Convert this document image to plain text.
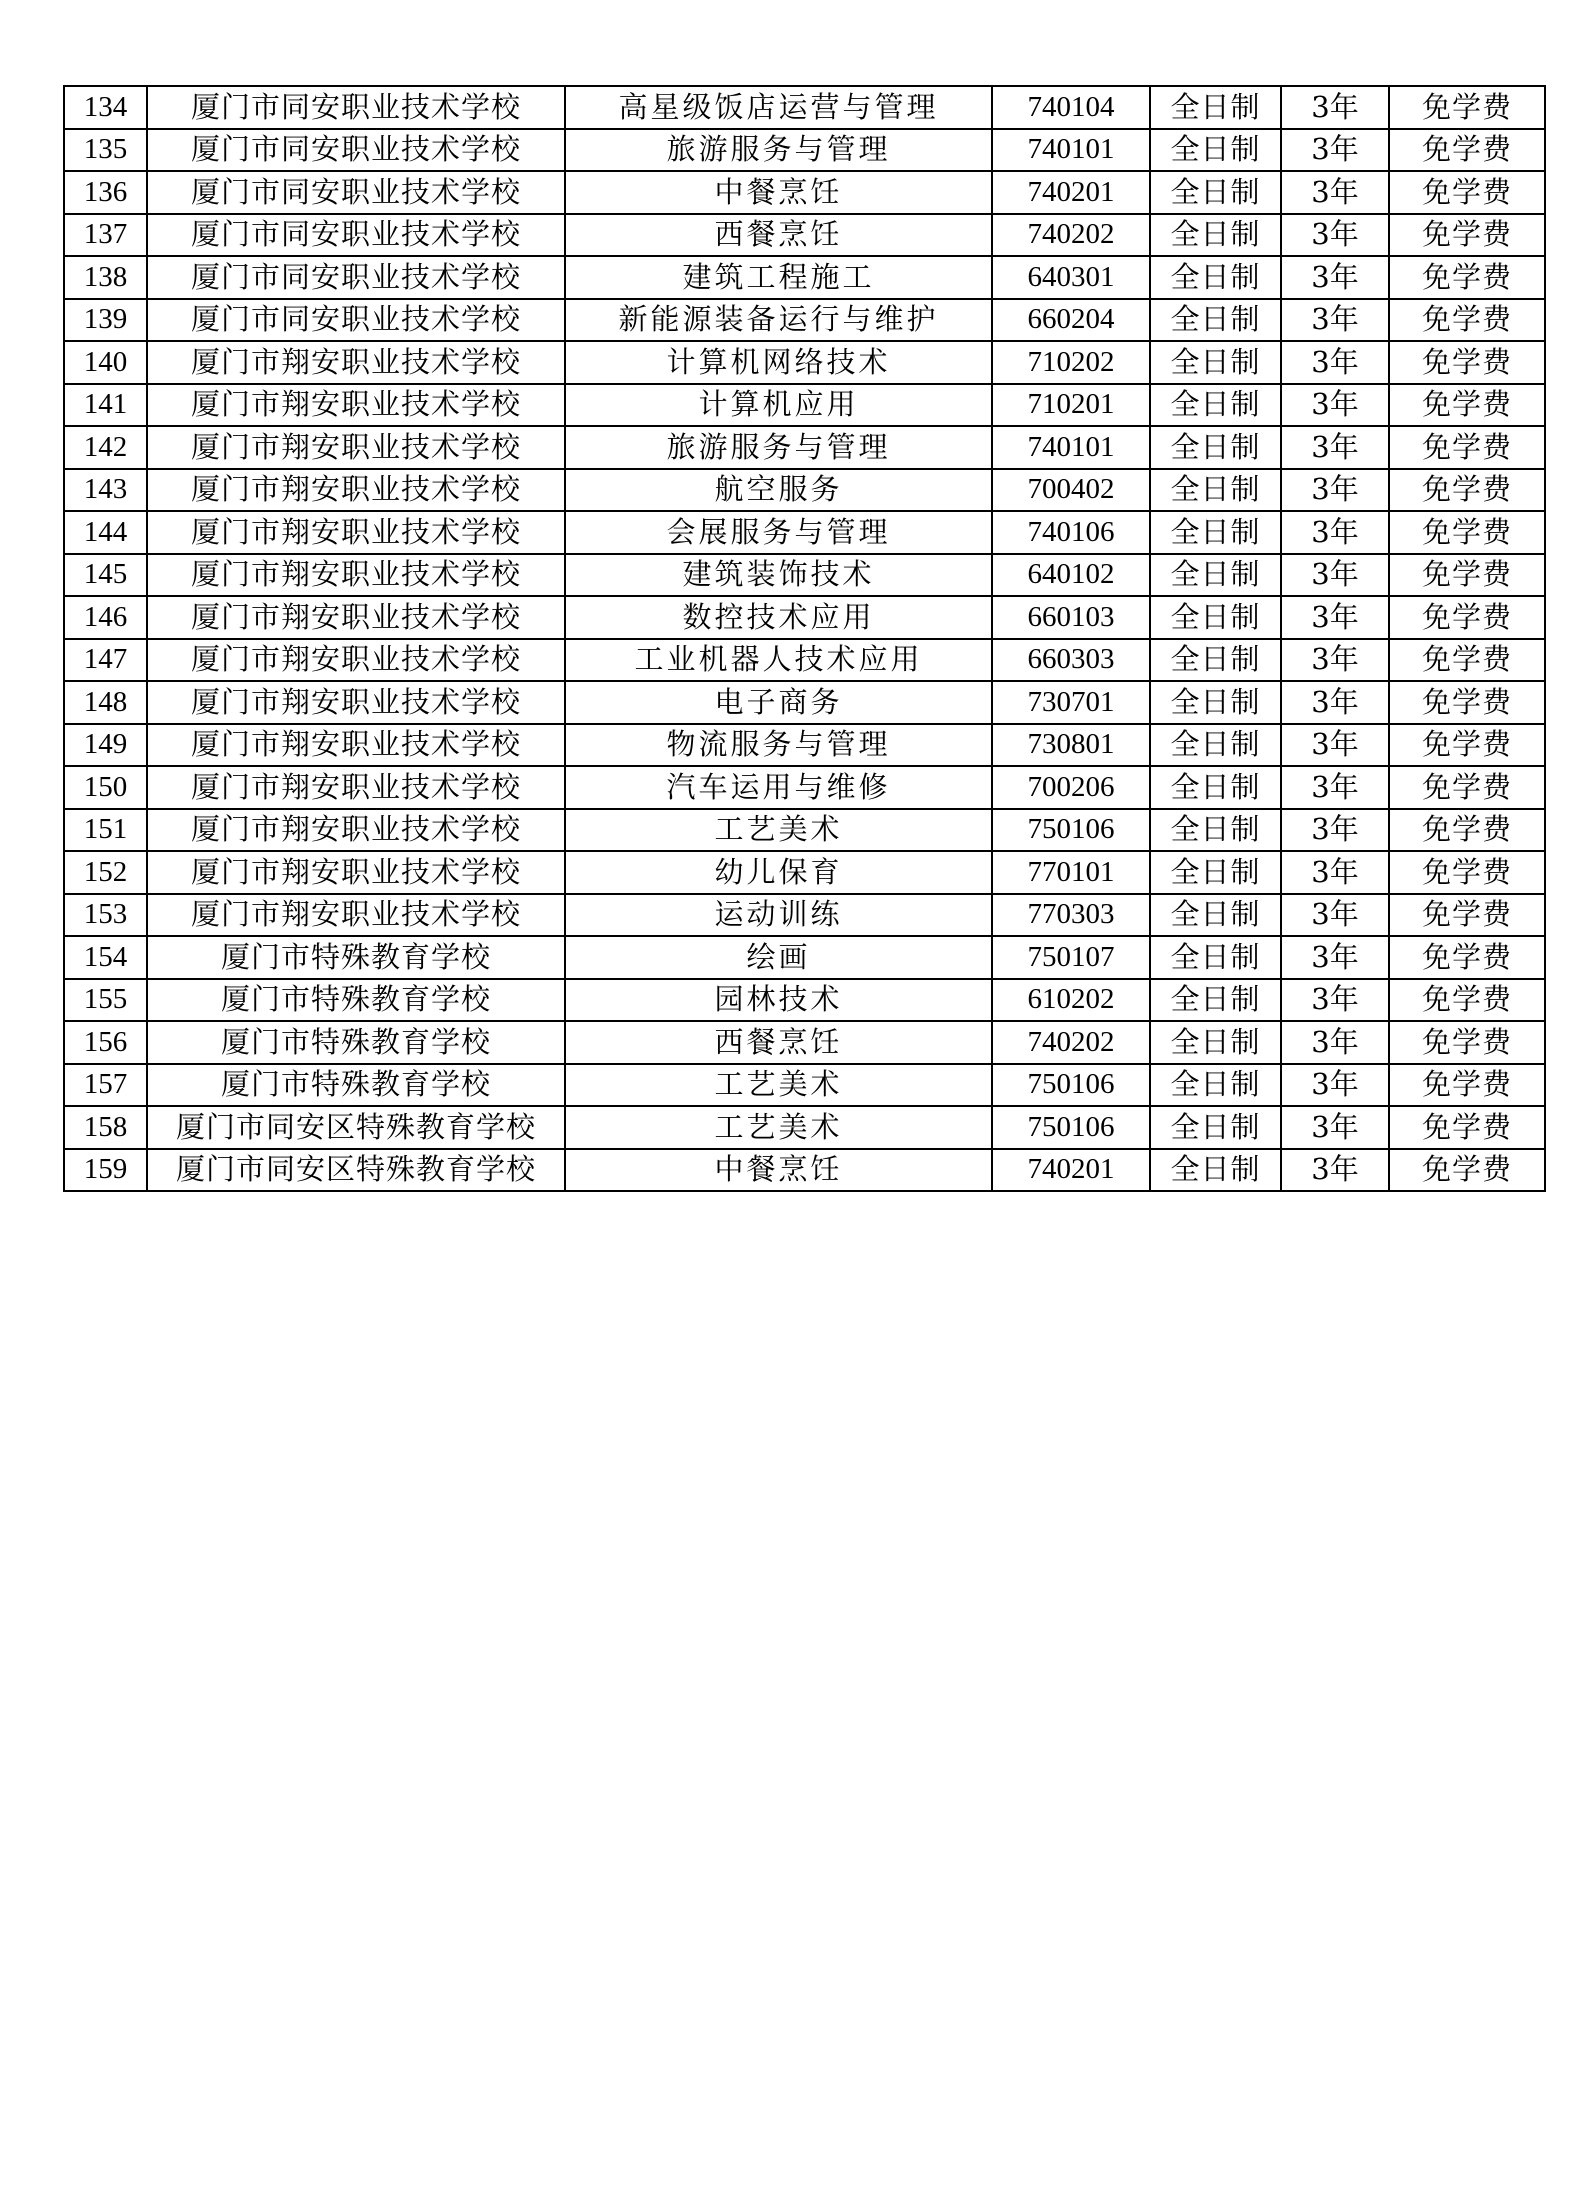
134	厦门市同安职业技术学校	高星级饭店运营与管理	740104	全日制	3年	免学费
135	厦门市同安职业技术学校	旅游服务与管理	740101	全日制	3年	免学费
136	厦门市同安职业技术学校	中餐烹饪	740201	全日制	3年	免学费
137	厦门市同安职业技术学校	西餐烹饪	740202	全日制	3年	免学费
138	厦门市同安职业技术学校	建筑工程施工	640301	全日制	3年	免学费
139	厦门市同安职业技术学校	新能源装备运行与维护	660204	全日制	3年	免学费
140	厦门市翔安职业技术学校	计算机网络技术	710202	全日制	3年	免学费
141	厦门市翔安职业技术学校	计算机应用	710201	全日制	3年	免学费
142	厦门市翔安职业技术学校	旅游服务与管理	740101	全日制	3年	免学费
143	厦门市翔安职业技术学校	航空服务	700402	全日制	3年	免学费
144	厦门市翔安职业技术学校	会展服务与管理	740106	全日制	3年	免学费
145	厦门市翔安职业技术学校	建筑装饰技术	640102	全日制	3年	免学费
146	厦门市翔安职业技术学校	数控技术应用	660103	全日制	3年	免学费
147	厦门市翔安职业技术学校	工业机器人技术应用	660303	全日制	3年	免学费
148	厦门市翔安职业技术学校	电子商务	730701	全日制	3年	免学费
149	厦门市翔安职业技术学校	物流服务与管理	730801	全日制	3年	免学费
150	厦门市翔安职业技术学校	汽车运用与维修	700206	全日制	3年	免学费
151	厦门市翔安职业技术学校	工艺美术	750106	全日制	3年	免学费
152	厦门市翔安职业技术学校	幼儿保育	770101	全日制	3年	免学费
153	厦门市翔安职业技术学校	运动训练	770303	全日制	3年	免学费
154	厦门市特殊教育学校	绘画	750107	全日制	3年	免学费
155	厦门市特殊教育学校	园林技术	610202	全日制	3年	免学费
156	厦门市特殊教育学校	西餐烹饪	740202	全日制	3年	免学费
157	厦门市特殊教育学校	工艺美术	750106	全日制	3年	免学费
158	厦门市同安区特殊教育学校	工艺美术	750106	全日制	3年	免学费
159	厦门市同安区特殊教育学校	中餐烹饪	740201	全日制	3年	免学费
